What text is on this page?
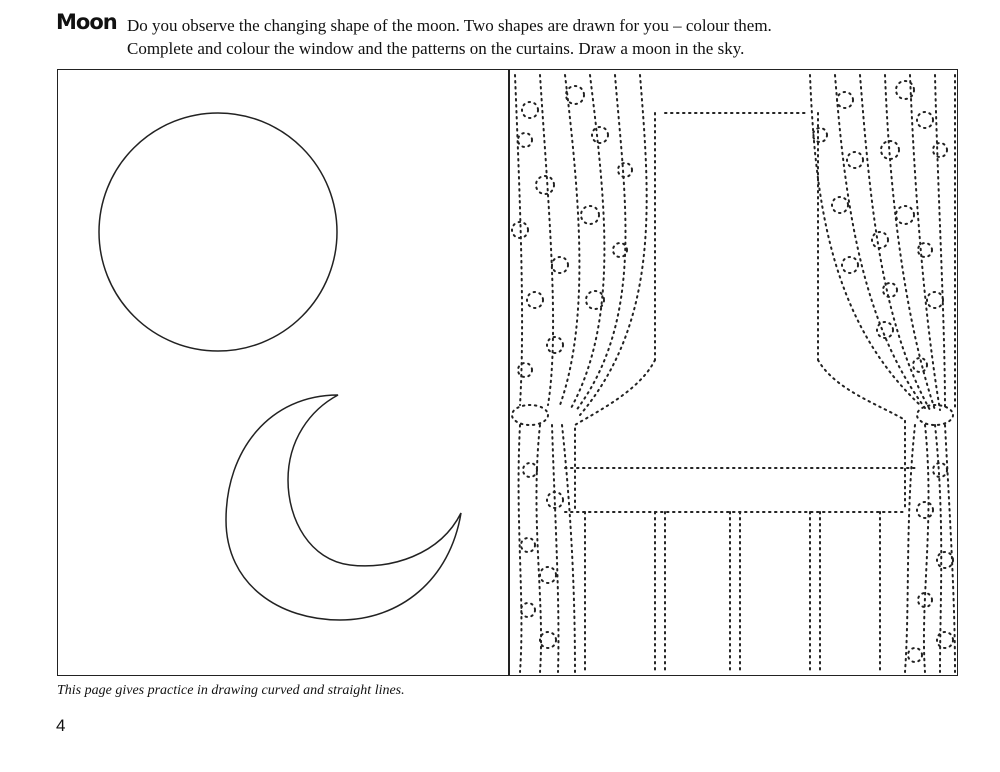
Moon Do you observe the changing shape of the moon. Two shapes are drawn for you – colour them.
Complete and colour the window and the patterns on the curtains. Draw a moon in the sky.
This page gives practice in drawing curved and straight lines.
4
